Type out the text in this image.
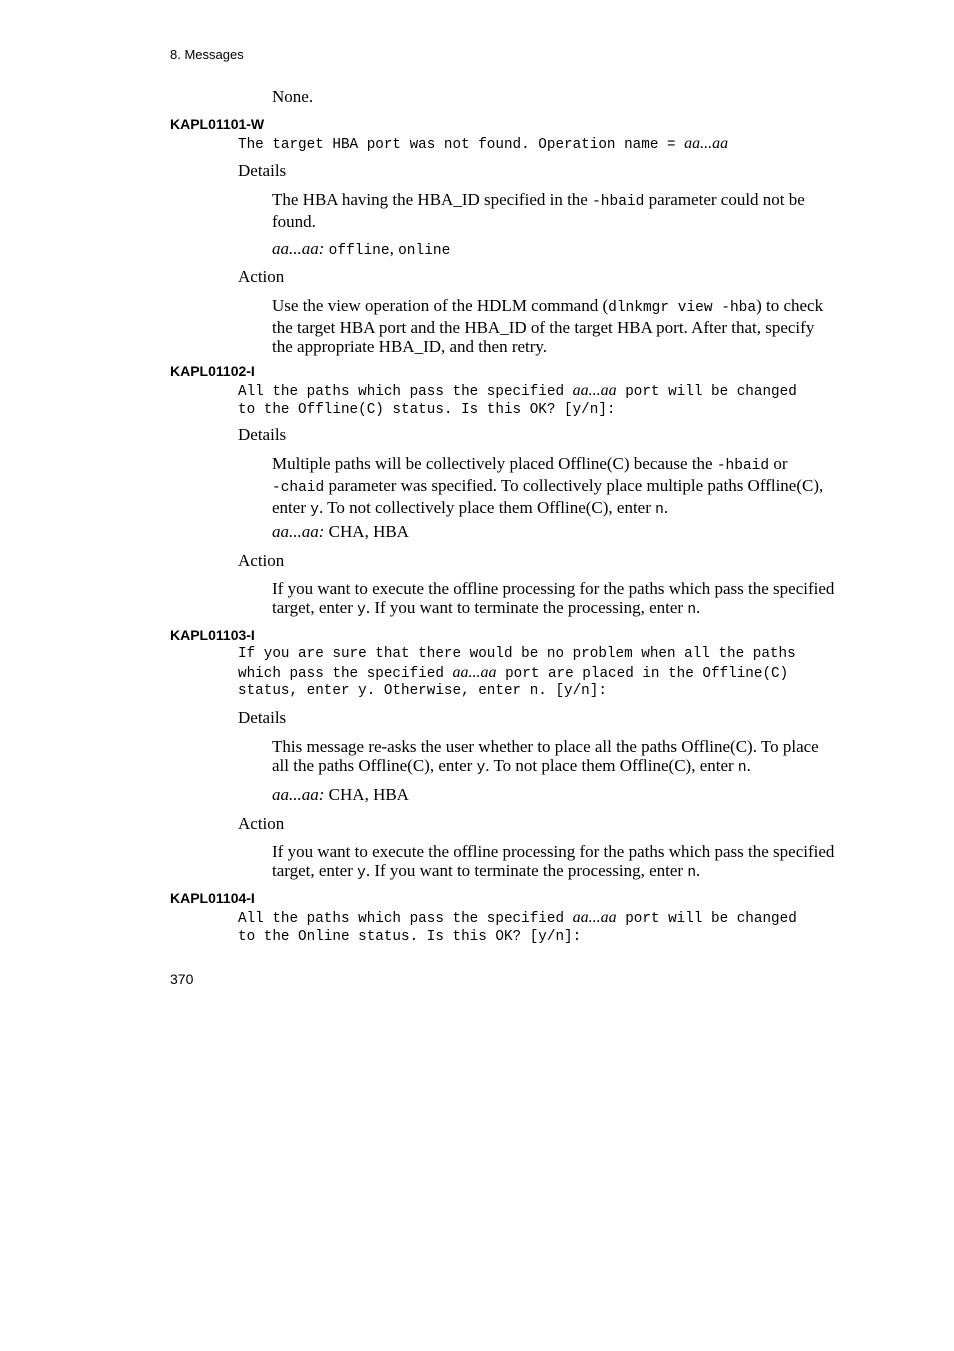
8. Messages
None.
KAPL01101-W
The target HBA port was not found. Operation name = aa...aa
Details
The HBA having the HBA_ID specified in the -hbaid parameter could not be
found.
aa...aa: offline, online
Action
Use the view operation of the HDLM command (dlnkmgr view -hba) to check
the target HBA port and the HBA_ID of the target HBA port. After that, specify
the appropriate HBA_ID, and then retry.
KAPL01102-I
All the paths which pass the specified aa...aa port will be changed
to the Offline(C) status. Is this OK? [y/n]:
Details
Multiple paths will be collectively placed Offline(C) because the -hbaid or
-chaid parameter was specified. To collectively place multiple paths Offline(C),
enter y. To not collectively place them Offline(C), enter n.
aa...aa: CHA, HBA
Action
If you want to execute the offline processing for the paths which pass the specified
target, enter y. If you want to terminate the processing, enter n.
KAPL01103-I
If you are sure that there would be no problem when all the paths
which pass the specified aa...aa port are placed in the Offline(C)
status, enter y. Otherwise, enter n. [y/n]:
Details
This message re-asks the user whether to place all the paths Offline(C). To place
all the paths Offline(C), enter y. To not place them Offline(C), enter n.
aa...aa: CHA, HBA
Action
If you want to execute the offline processing for the paths which pass the specified
target, enter y. If you want to terminate the processing, enter n.
KAPL01104-I
All the paths which pass the specified aa...aa port will be changed
to the Online status. Is this OK? [y/n]:
370
